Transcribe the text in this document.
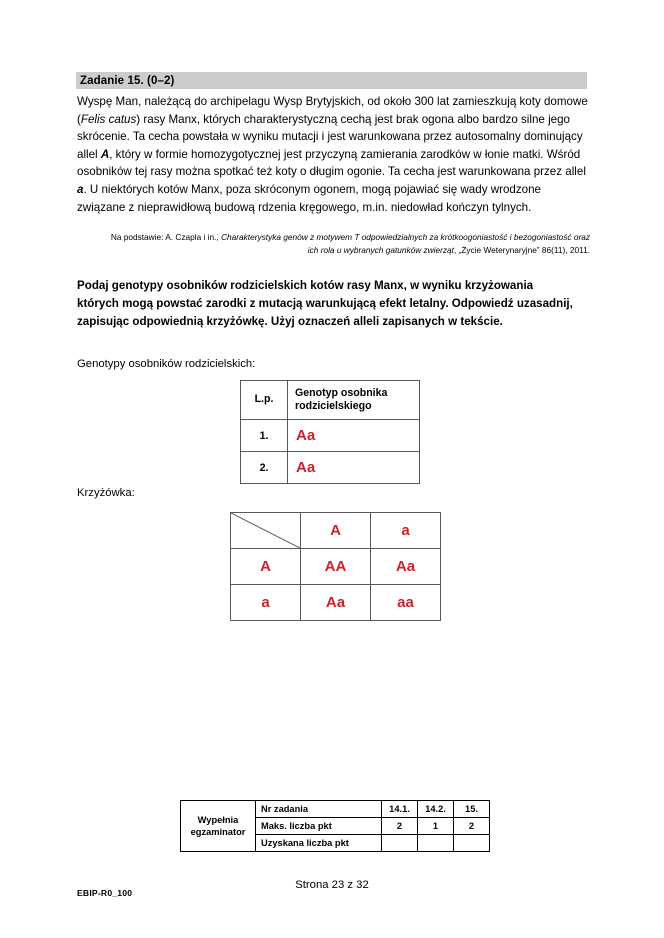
Zadanie 15. (0–2)
Wyspę Man, należącą do archipelagu Wysp Brytyjskich, od około 300 lat zamieszkują koty domowe (Felis catus) rasy Manx, których charakterystyczną cechą jest brak ogona albo bardzo silne jego skrócenie. Ta cecha powstała w wyniku mutacji i jest warunkowana przez autosomalny dominujący allel A, który w formie homozygotycznej jest przyczyną zamierania zarodków w łonie matki. Wśród osobników tej rasy można spotkać też koty o długim ogonie. Ta cecha jest warunkowana przez allel a. U niektórych kotów Manx, poza skróconym ogonem, mogą pojawiać się wady wrodzone związane z nieprawidłową budową rdzenia kręgowego, m.in. niedowład kończyn tylnych.
Na podstawie: A. Czapla i in., Charakterystyka genów z motywem T odpowiedzialnych za krótkoogoniastość i bezogoniastość oraz ich rola u wybranych gatunków zwierząt, „Życie Weterynaryjne” 86(11), 2011.
Podaj genotypy osobników rodzicielskich kotów rasy Manx, w wyniku krzyżowania których mogą powstać zarodki z mutacją warunkującą efekt letalny. Odpowiedź uzasadnij, zapisując odpowiednią krzyżówkę. Użyj oznaczeń alleli zapisanych w tekście.
Genotypy osobników rodzicielskich:
L.p.	Genotyp osobnika rodzicielskiego
1.	Aa
2.	Aa
Krzyżówka:
	A	a
A	AA	Aa
a	Aa	aa
Wypełnia
egzaminator	Nr zadania	14.1.	14.2.	15.
	Maks. liczba pkt	2	1	2
	Uzyskana liczba pkt			
Strona 23 z 32
EBIP-R0_100
